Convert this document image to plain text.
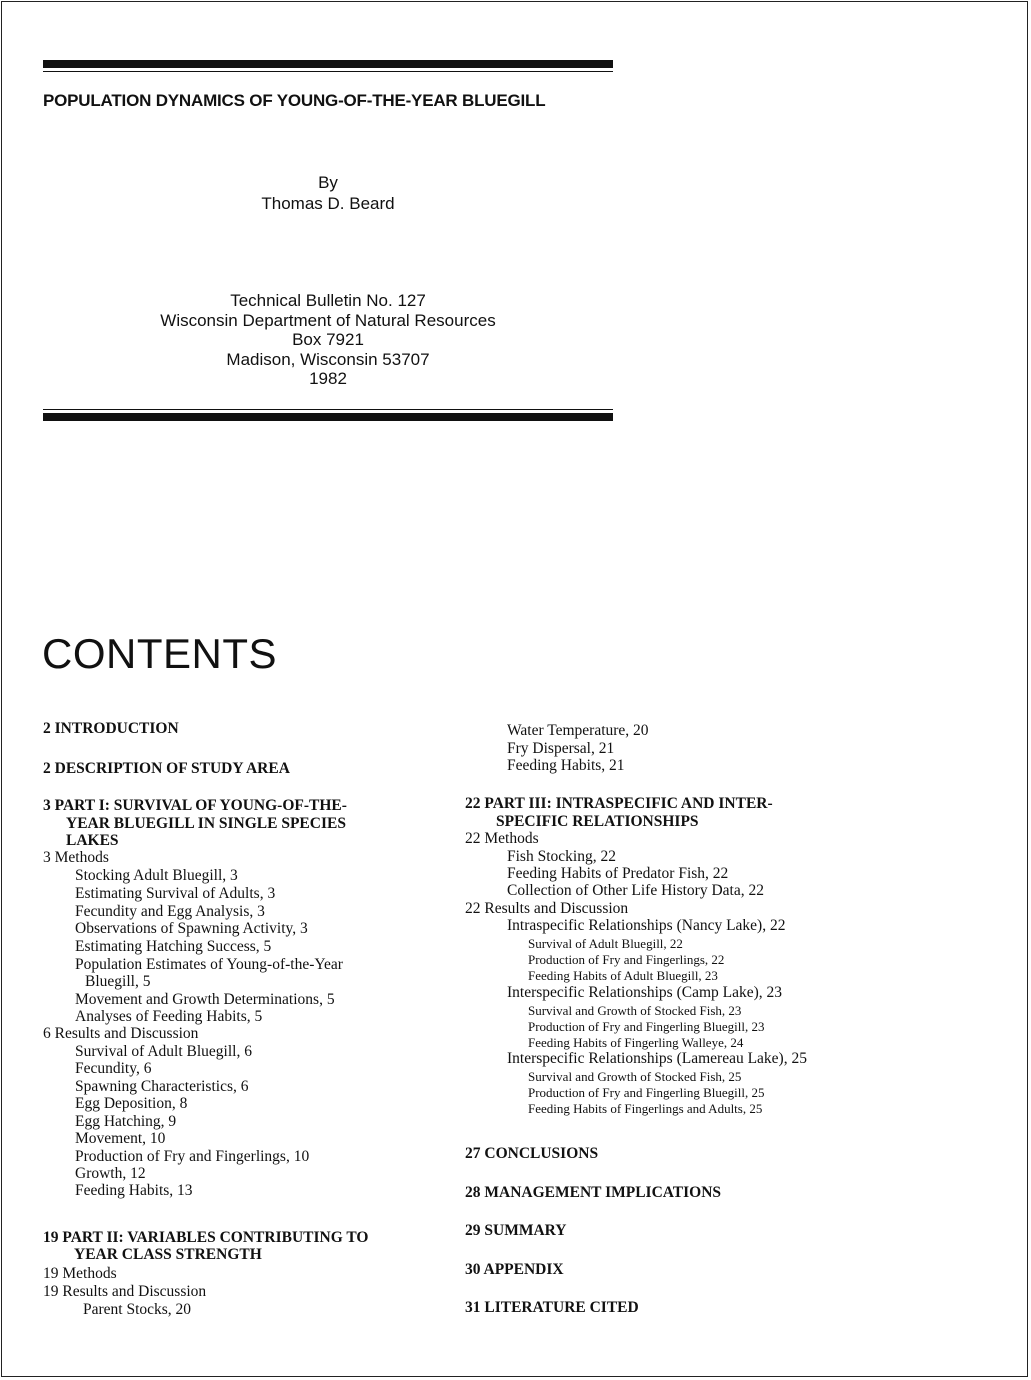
POPULATION DYNAMICS OF YOUNG-OF-THE-YEAR BLUEGILL
By
Thomas D. Beard
Technical Bulletin No. 127
Wisconsin Department of Natural Resources
Box 7921
Madison, Wisconsin 53707
1982
CONTENTS
2 INTRODUCTION
2 DESCRIPTION OF STUDY AREA
3 PART I: SURVIVAL OF YOUNG-OF-THE-
YEAR BLUEGILL IN SINGLE SPECIES
LAKES
3 Methods
Stocking Adult Bluegill, 3
Estimating Survival of Adults, 3
Fecundity and Egg Analysis, 3
Observations of Spawning Activity, 3
Estimating Hatching Success, 5
Population Estimates of Young-of-the-Year
Bluegill, 5
Movement and Growth Determinations, 5
Analyses of Feeding Habits, 5
6 Results and Discussion
Survival of Adult Bluegill, 6
Fecundity, 6
Spawning Characteristics, 6
Egg Deposition, 8
Egg Hatching, 9
Movement, 10
Production of Fry and Fingerlings, 10
Growth, 12
Feeding Habits, 13
19 PART II: VARIABLES CONTRIBUTING TO
YEAR CLASS STRENGTH
19 Methods
19 Results and Discussion
Parent Stocks, 20
Water Temperature, 20
Fry Dispersal, 21
Feeding Habits, 21
22 PART III: INTRASPECIFIC AND INTER-
SPECIFIC RELATIONSHIPS
22 Methods
Fish Stocking, 22
Feeding Habits of Predator Fish, 22
Collection of Other Life History Data, 22
22 Results and Discussion
Intraspecific Relationships (Nancy Lake), 22
Survival of Adult Bluegill, 22
Production of Fry and Fingerlings, 22
Feeding Habits of Adult Bluegill, 23
Interspecific Relationships (Camp Lake), 23
Survival and Growth of Stocked Fish, 23
Production of Fry and Fingerling Bluegill, 23
Feeding Habits of Fingerling Walleye, 24
Interspecific Relationships (Lamereau Lake), 25
Survival and Growth of Stocked Fish, 25
Production of Fry and Fingerling Bluegill, 25
Feeding Habits of Fingerlings and Adults, 25
27 CONCLUSIONS
28 MANAGEMENT IMPLICATIONS
29 SUMMARY
30 APPENDIX
31 LITERATURE CITED
